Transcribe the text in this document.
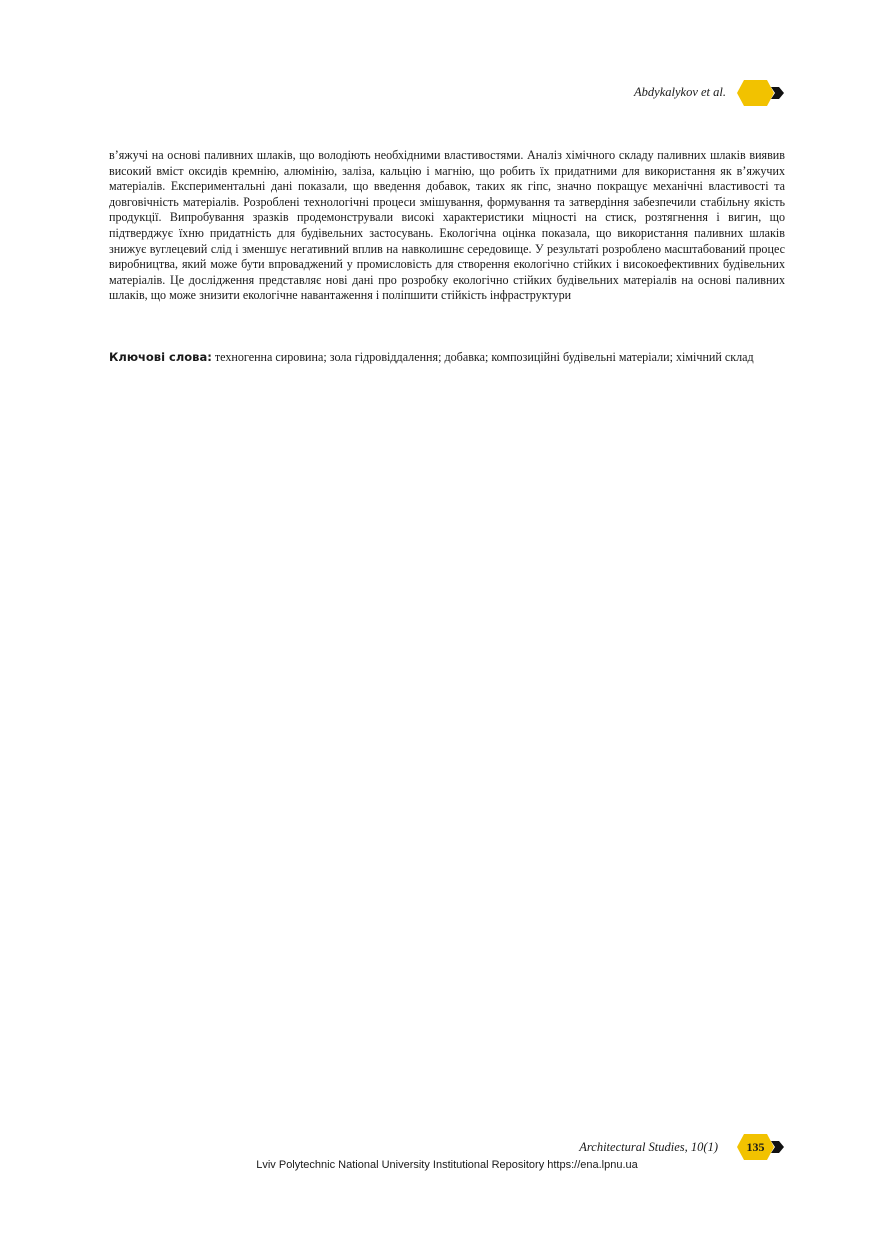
Abdykalykov et al.

в’яжучі на основі паливних шлаків, що володіють необхідними властивостями. Аналіз хімічного складу паливних шлаків виявив високий вміст оксидів кремнію, алюмінію, заліза, кальцію і магнію, що робить їх придатними для використання як в’яжучих матеріалів. Експериментальні дані показали, що введення добавок, таких як гіпс, значно покращує механічні властивості та довговічність матеріалів. Розроблені технологічні процеси змішування, формування та затвердіння забезпечили стабільну якість продукції. Випробування зразків продемонстрували високі характеристики міцності на стиск, розтягнення і вигин, що підтверджує їхню придатність для будівельних застосувань. Екологічна оцінка показала, що використання паливних шлаків знижує вуглецевий слід і зменшує негативний вплив на навколишнє середовище. У результаті розроблено масштабований процес виробництва, який може бути впроваджений у промисловість для створення екологічно стійких і високоефективних будівельних матеріалів. Це дослідження представляє нові дані про розробку екологічно стійких будівельних матеріалів на основі паливних шлаків, що може знизити екологічне навантаження і поліпшити стійкість інфраструктури

Ключові слова: техногенна сировина; зола гідровіддалення; добавка; композиційні будівельні матеріали; хімічний склад

Architectural Studies, 10(1)	135
Lviv Polytechnic National University Institutional Repository https://ena.lpnu.ua
